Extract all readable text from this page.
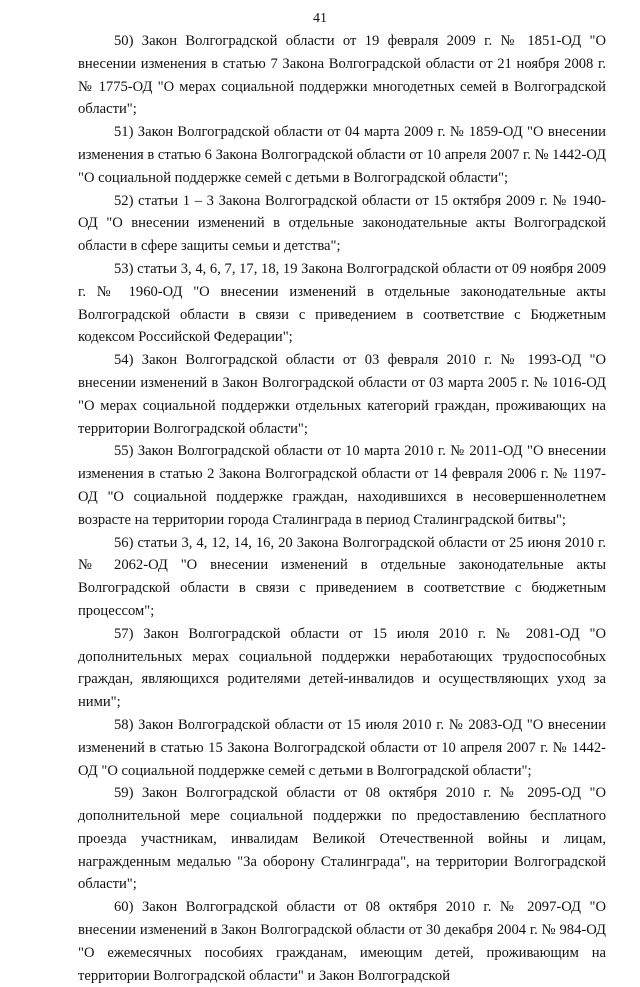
41

50) Закон Волгоградской области от 19 февраля 2009 г. № 1851-ОД "О внесении изменения в статью 7 Закона Волгоградской области от 21 ноября 2008 г. № 1775-ОД "О мерах социальной поддержки многодетных семей в Волгоградской области";

51) Закон Волгоградской области от 04 марта 2009 г. № 1859-ОД "О внесении изменения в статью 6 Закона Волгоградской области от 10 апреля 2007 г. № 1442-ОД "О социальной поддержке семей с детьми в Волгоградской области";

52) статьи 1 – 3 Закона Волгоградской области от 15 октября 2009 г. № 1940-ОД "О внесении изменений в отдельные законодательные акты Волгоградской области в сфере защиты семьи и детства";

53) статьи 3, 4, 6, 7, 17, 18, 19 Закона Волгоградской области от 09 ноября 2009 г. № 1960-ОД "О внесении изменений в отдельные законодательные акты Волгоградской области в связи с приведением в соответствие с Бюджетным кодексом Российской Федерации";

54) Закон Волгоградской области от 03 февраля 2010 г. № 1993-ОД "О внесении изменений в Закон Волгоградской области от 03 марта 2005 г. № 1016-ОД "О мерах социальной поддержки отдельных категорий граждан, проживающих на территории Волгоградской области";

55) Закон Волгоградской области от 10 марта 2010 г. № 2011-ОД "О внесении изменения в статью 2 Закона Волгоградской области от 14 февраля 2006 г. № 1197-ОД "О социальной поддержке граждан, находившихся в несовершеннолетнем возрасте на территории города Сталинграда в период Сталинградской битвы";

56) статьи 3, 4, 12, 14, 16, 20 Закона Волгоградской области от 25 июня 2010 г. № 2062-ОД "О внесении изменений в отдельные законодательные акты Волгоградской области в связи с приведением в соответствие с бюджетным процессом";

57) Закон Волгоградской области от 15 июля 2010 г. № 2081-ОД "О дополнительных мерах социальной поддержки неработающих трудоспособных граждан, являющихся родителями детей-инвалидов и осуществляющих уход за ними";

58) Закон Волгоградской области от 15 июля 2010 г. № 2083-ОД "О внесении изменений в статью 15 Закона Волгоградской области от 10 апреля 2007 г. № 1442-ОД "О социальной поддержке семей с детьми в Волгоградской области";

59) Закон Волгоградской области от 08 октября 2010 г. № 2095-ОД "О дополнительной мере социальной поддержки по предоставлению бесплатного проезда участникам, инвалидам Великой Отечественной войны и лицам, награжденным медалью "За оборону Сталинграда", на территории Волгоградской области";

60) Закон Волгоградской области от 08 октября 2010 г. № 2097-ОД "О внесении изменений в Закон Волгоградской области от 30 декабря 2004 г. № 984-ОД "О ежемесячных пособиях гражданам, имеющим детей, проживающим на территории Волгоградской области" и Закон Волгоградской
